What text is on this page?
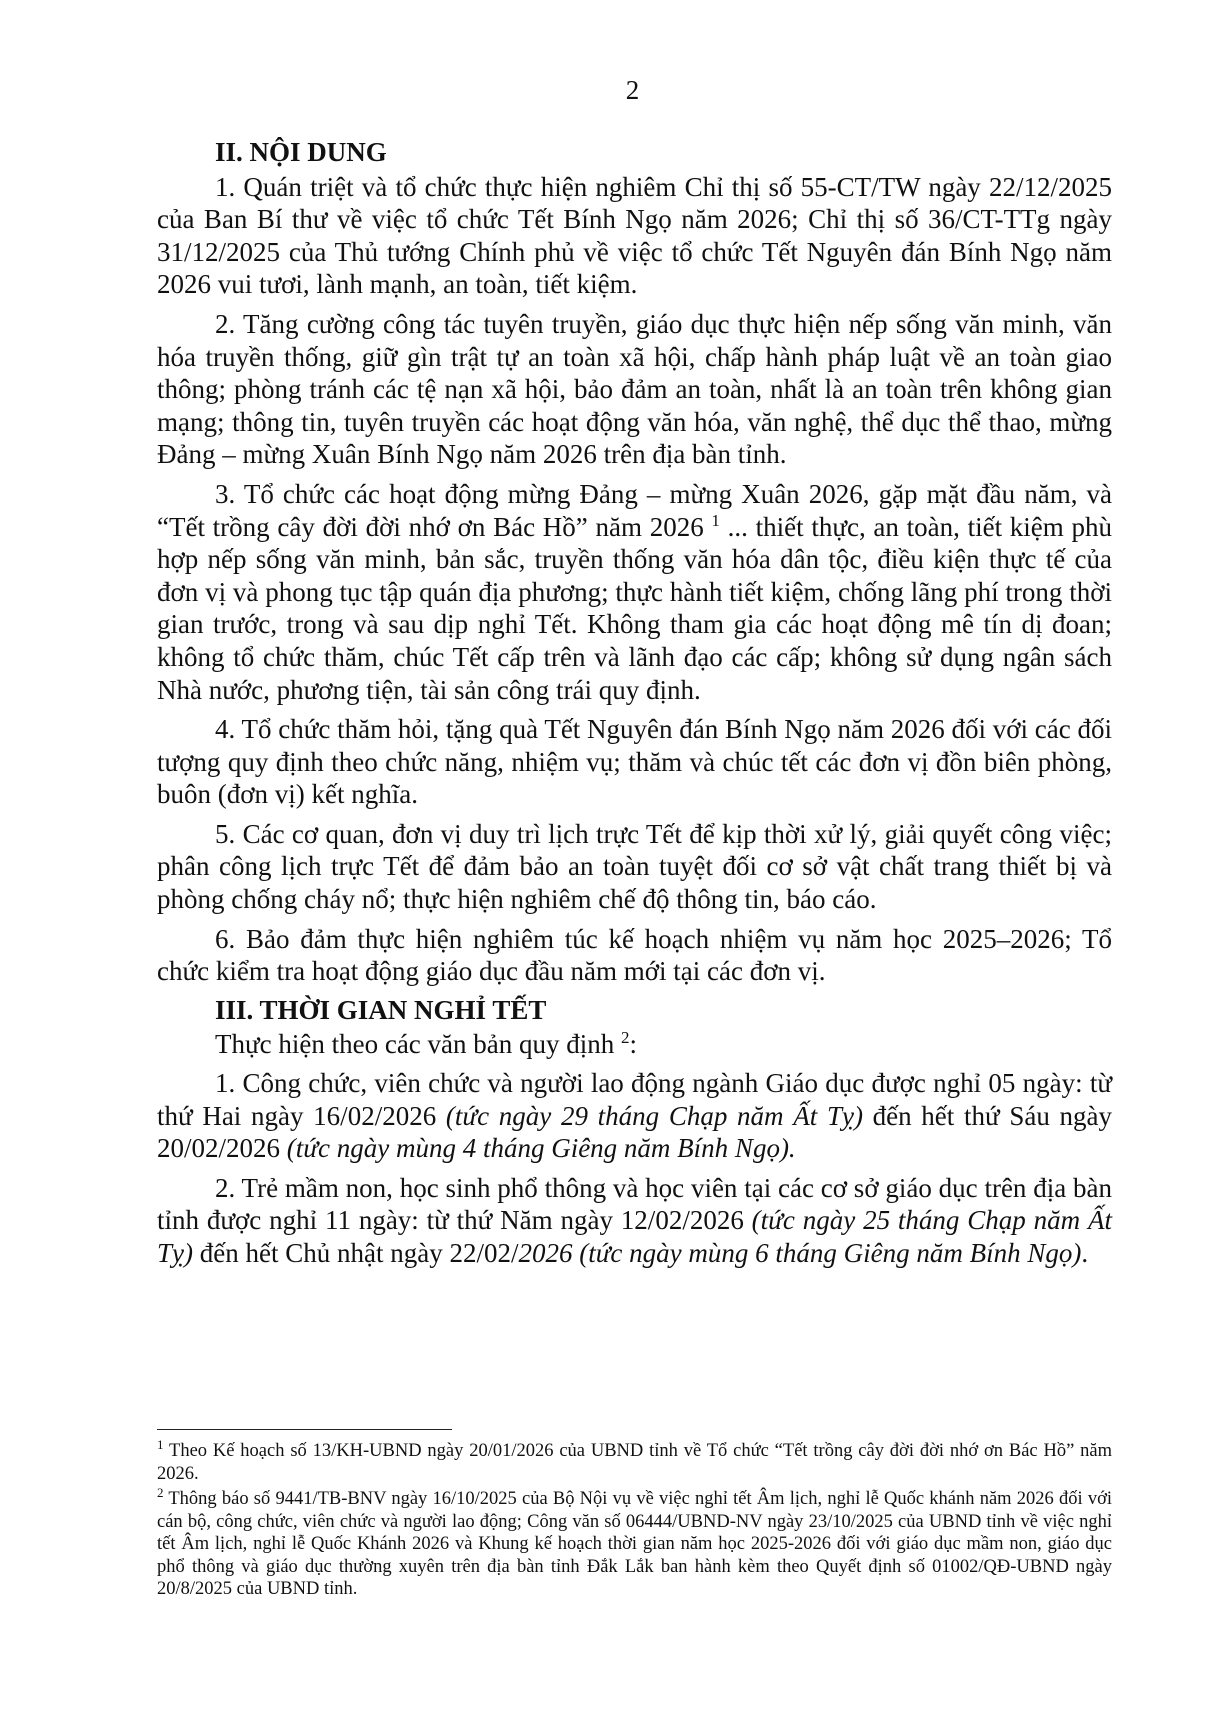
2

II. NỘI DUNG

1. Quán triệt và tổ chức thực hiện nghiêm Chỉ thị số 55-CT/TW ngày 22/12/2025 của Ban Bí thư về việc tổ chức Tết Bính Ngọ năm 2026; Chỉ thị số 36/CT-TTg ngày 31/12/2025 của Thủ tướng Chính phủ về việc tổ chức Tết Nguyên đán Bính Ngọ năm 2026 vui tươi, lành mạnh, an toàn, tiết kiệm.

2. Tăng cường công tác tuyên truyền, giáo dục thực hiện nếp sống văn minh, văn hóa truyền thống, giữ gìn trật tự an toàn xã hội, chấp hành pháp luật về an toàn giao thông; phòng tránh các tệ nạn xã hội, bảo đảm an toàn, nhất là an toàn trên không gian mạng; thông tin, tuyên truyền các hoạt động văn hóa, văn nghệ, thể dục thể thao, mừng Đảng – mừng Xuân Bính Ngọ năm 2026 trên địa bàn tỉnh.

3. Tổ chức các hoạt động mừng Đảng – mừng Xuân 2026, gặp mặt đầu năm, và “Tết trồng cây đời đời nhớ ơn Bác Hồ” năm 2026 $^1$ ... thiết thực, an toàn, tiết kiệm phù hợp nếp sống văn minh, bản sắc, truyền thống văn hóa dân tộc, điều kiện thực tế của đơn vị và phong tục tập quán địa phương; thực hành tiết kiệm, chống lãng phí trong thời gian trước, trong và sau dịp nghỉ Tết. Không tham gia các hoạt động mê tín dị đoan; không tổ chức thăm, chúc Tết cấp trên và lãnh đạo các cấp; không sử dụng ngân sách Nhà nước, phương tiện, tài sản công trái quy định.

4. Tổ chức thăm hỏi, tặng quà Tết Nguyên đán Bính Ngọ năm 2026 đối với các đối tượng quy định theo chức năng, nhiệm vụ; thăm và chúc tết các đơn vị đồn biên phòng, buôn (đơn vị) kết nghĩa.

5. Các cơ quan, đơn vị duy trì lịch trực Tết để kịp thời xử lý, giải quyết công việc; phân công lịch trực Tết để đảm bảo an toàn tuyệt đối cơ sở vật chất trang thiết bị và phòng chống cháy nổ; thực hiện nghiêm chế độ thông tin, báo cáo.

6. Bảo đảm thực hiện nghiêm túc kế hoạch nhiệm vụ năm học 2025–2026; Tổ chức kiểm tra hoạt động giáo dục đầu năm mới tại các đơn vị.

III. THỜI GIAN NGHỈ TẾT

Thực hiện theo các văn bản quy định $^2$:

1. Công chức, viên chức và người lao động ngành Giáo dục được nghỉ 05 ngày: từ thứ Hai ngày 16/02/2026 (tức ngày 29 tháng Chạp năm Ất Tỵ) đến hết thứ Sáu ngày 20/02/2026 (tức ngày mùng 4 tháng Giêng năm Bính Ngọ).

2. Trẻ mầm non, học sinh phổ thông và học viên tại các cơ sở giáo dục trên địa bàn tỉnh được nghỉ 11 ngày: từ thứ Năm ngày 12/02/2026 (tức ngày 25 tháng Chạp năm Ất Tỵ) đến hết Chủ nhật ngày 22/02/2026 (tức ngày mùng 6 tháng Giêng năm Bính Ngọ).

$^1$ Theo Kế hoạch số 13/KH-UBND ngày 20/01/2026 của UBND tỉnh về Tổ chức “Tết trồng cây đời đời nhớ ơn Bác Hồ” năm 2026.

$^2$ Thông báo số 9441/TB-BNV ngày 16/10/2025 của Bộ Nội vụ về việc nghỉ tết Âm lịch, nghỉ lễ Quốc khánh năm 2026 đối với cán bộ, công chức, viên chức và người lao động; Công văn số 06444/UBND-NV ngày 23/10/2025 của UBND tỉnh về việc nghỉ tết Âm lịch, nghỉ lễ Quốc Khánh 2026 và Khung kế hoạch thời gian năm học 2025-2026 đối với giáo dục mầm non, giáo dục phổ thông và giáo dục thường xuyên trên địa bàn tỉnh Đắk Lắk ban hành kèm theo Quyết định số 01002/QĐ-UBND ngày 20/8/2025 của UBND tỉnh.
